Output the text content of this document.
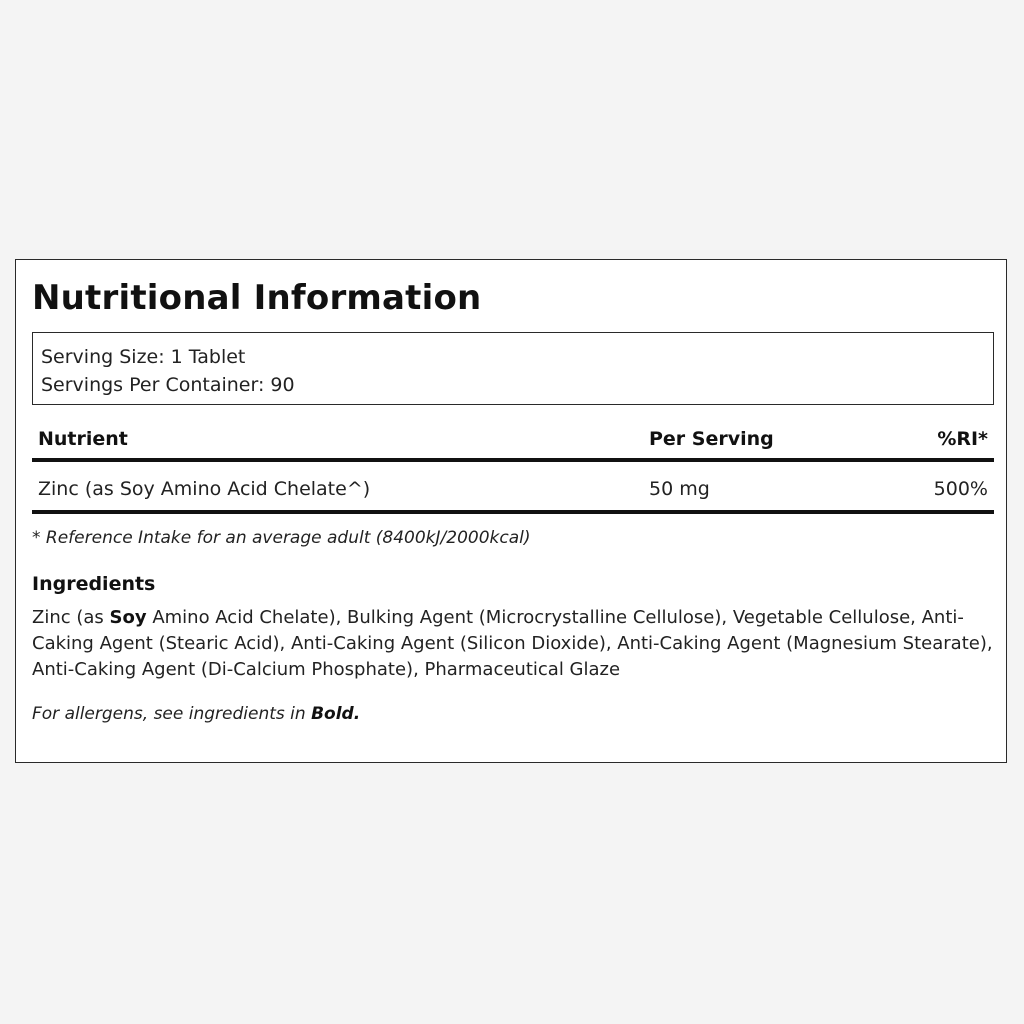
Nutritional Information
Serving Size: 1 Tablet
Servings Per Container: 90
Nutrient	Per Serving	%RI*
Zinc (as Soy Amino Acid Chelate^)	50 mg	500%
* Reference Intake for an average adult (8400kJ/2000kcal)
Ingredients
Zinc (as Soy Amino Acid Chelate), Bulking Agent (Microcrystalline Cellulose), Vegetable Cellulose, Anti-Caking Agent (Stearic Acid), Anti-Caking Agent (Silicon Dioxide), Anti-Caking Agent (Magnesium Stearate), Anti-Caking Agent (Di-Calcium Phosphate), Pharmaceutical Glaze
For allergens, see ingredients in Bold.
